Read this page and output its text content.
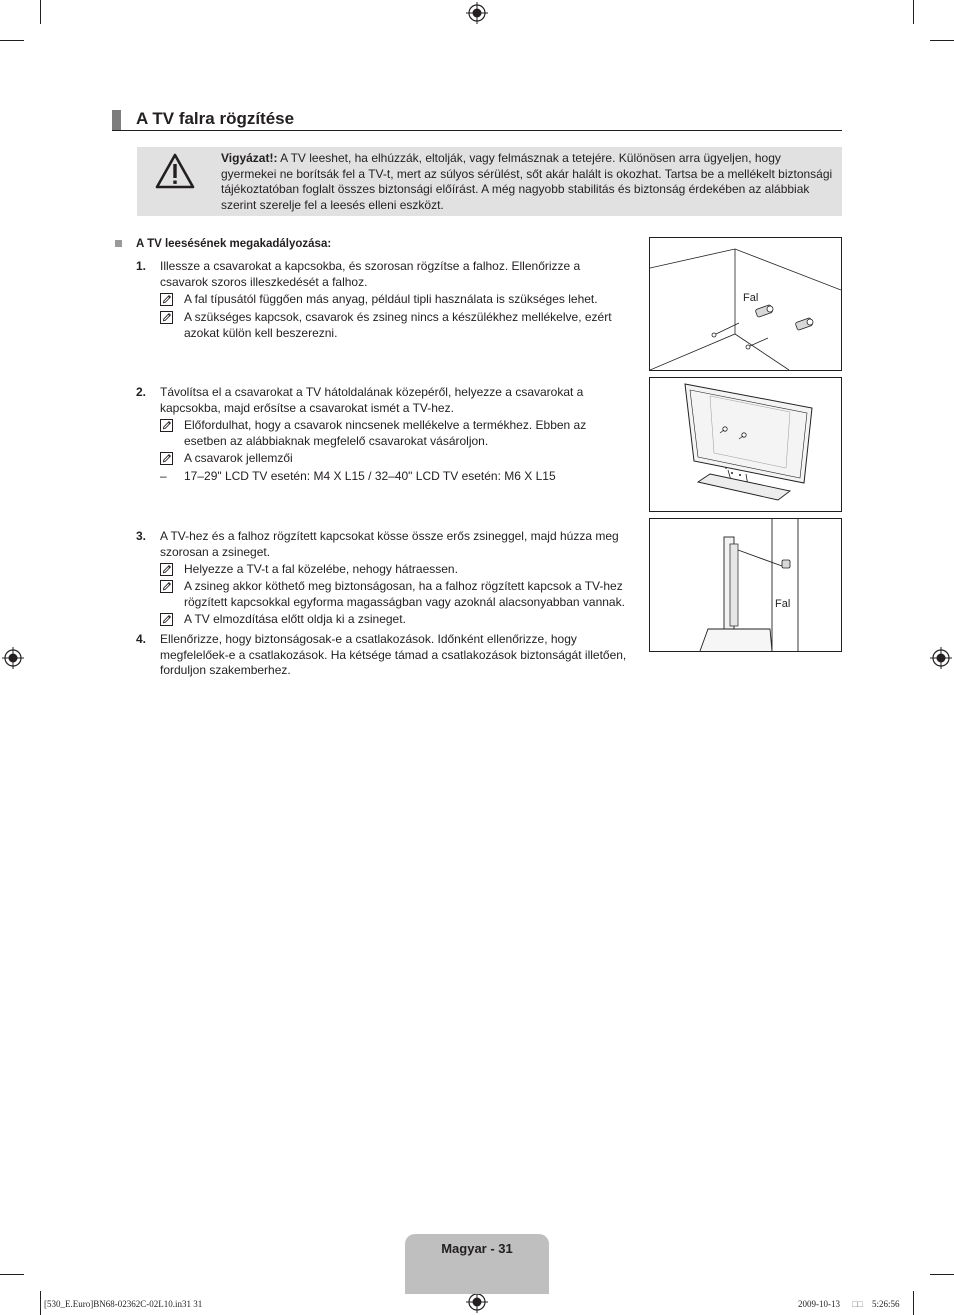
A TV falra rögzítése
Vigyázat!: A TV leeshet, ha elhúzzák, eltolják, vagy felmásznak a tetejére. Különösen arra ügyeljen, hogy gyermekei ne borítsák fel a TV-t, mert az súlyos sérülést, sőt akár halált is okozhat. Tartsa be a mellékelt biztonsági tájékoztatóban foglalt összes biztonsági előírást. A még nagyobb stabilitás és biztonság érdekében az alábbiak szerint szerelje fel a leesés elleni eszközt.
A TV leesésének megakadályozása:
1. Illessze a csavarokat a kapcsokba, és szorosan rögzítse a falhoz. Ellenőrizze a
csavarok szoros illeszkedését a falhoz.
A fal típusától függően más anyag, például tipli használata is szükséges lehet.
A szükséges kapcsok, csavarok és zsineg nincs a készülékhez mellékelve, ezért
azokat külön kell beszerezni.
2. Távolítsa el a csavarokat a TV hátoldalának közepéről, helyezze a csavarokat a
kapcsokba, majd erősítse a csavarokat ismét a TV-hez.
Előfordulhat, hogy a csavarok nincsenek mellékelve a termékhez. Ebben az
esetben az alábbiaknak megfelelő csavarokat vásároljon.
A csavarok jellemzői
– 17–29" LCD TV esetén: M4 X L15 / 32–40" LCD TV esetén: M6 X L15
3. A TV-hez és a falhoz rögzített kapcsokat kösse össze erős zsineggel, majd húzza meg
szorosan a zsineget.
Helyezze a TV-t a fal közelébe, nehogy hátraessen.
A zsineg akkor köthető meg biztonságosan, ha a falhoz rögzített kapcsok a TV-hez
rögzített kapcsokkal egyforma magasságban vagy azoknál alacsonyabban vannak.
A TV elmozdítása előtt oldja ki a zsineget.
4. Ellenőrizze, hogy biztonságosak-e a csatlakozások. Időnként ellenőrizze, hogy
megfelelőek-e a csatlakozások. Ha kétsége támad a csatlakozások biztonságát illetően,
forduljon szakemberhez.
Fal
Fal
Magyar - 31
[530_E.Euro]BN68-02362C-02L10.in31 31	2009-10-13 □□ 5:26:56
